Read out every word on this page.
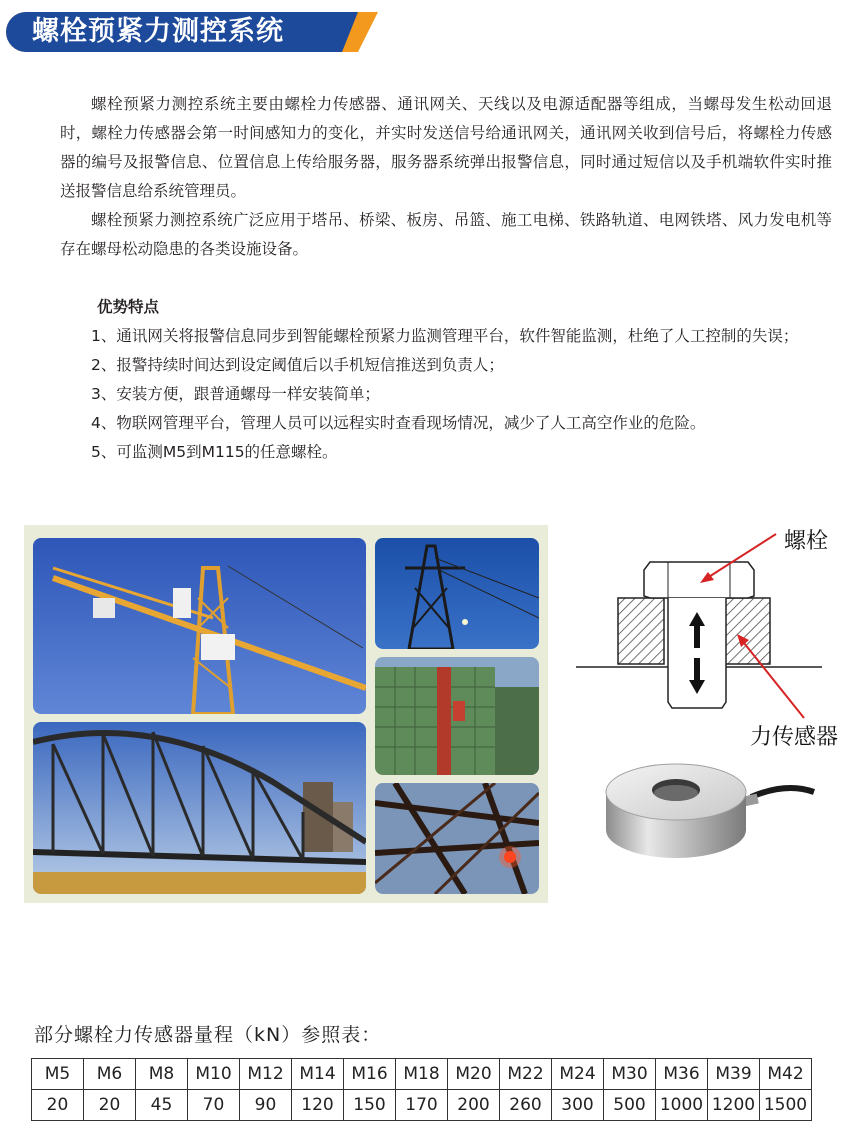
螺栓预紧力测控系统

螺栓预紧力测控系统主要由螺栓力传感器、通讯网关、天线以及电源适配器等组成，当螺母发生松动回退时，螺栓力传感器会第一时间感知力的变化，并实时发送信号给通讯网关，通讯网关收到信号后，将螺栓力传感器的编号及报警信息、位置信息上传给服务器，服务器系统弹出报警信息，同时通过短信以及手机端软件实时推送报警信息给系统管理员。

螺栓预紧力测控系统广泛应用于塔吊、桥梁、板房、吊篮、施工电梯、铁路轨道、电网铁塔、风力发电机等存在螺母松动隐患的各类设施设备。

优势特点

1、通讯网关将报警信息同步到智能螺栓预紧力监测管理平台，软件智能监测，杜绝了人工控制的失误；

2、报警持续时间达到设定阈值后以手机短信推送到负责人；

3、安装方便，跟普通螺母一样安装简单；

4、物联网管理平台，管理人员可以远程实时查看现场情况，减少了人工高空作业的危险。

5、可监测M5到M115的任意螺栓。

螺栓
力传感器
部分螺栓力传感器量程（kN）参照表：
M5	M6	M8	M10	M12	M14	M16	M18	M20	M22	M24	M30	M36	M39	M42
20	20	45	70	90	120	150	170	200	260	300	500	1000	1200	1500
